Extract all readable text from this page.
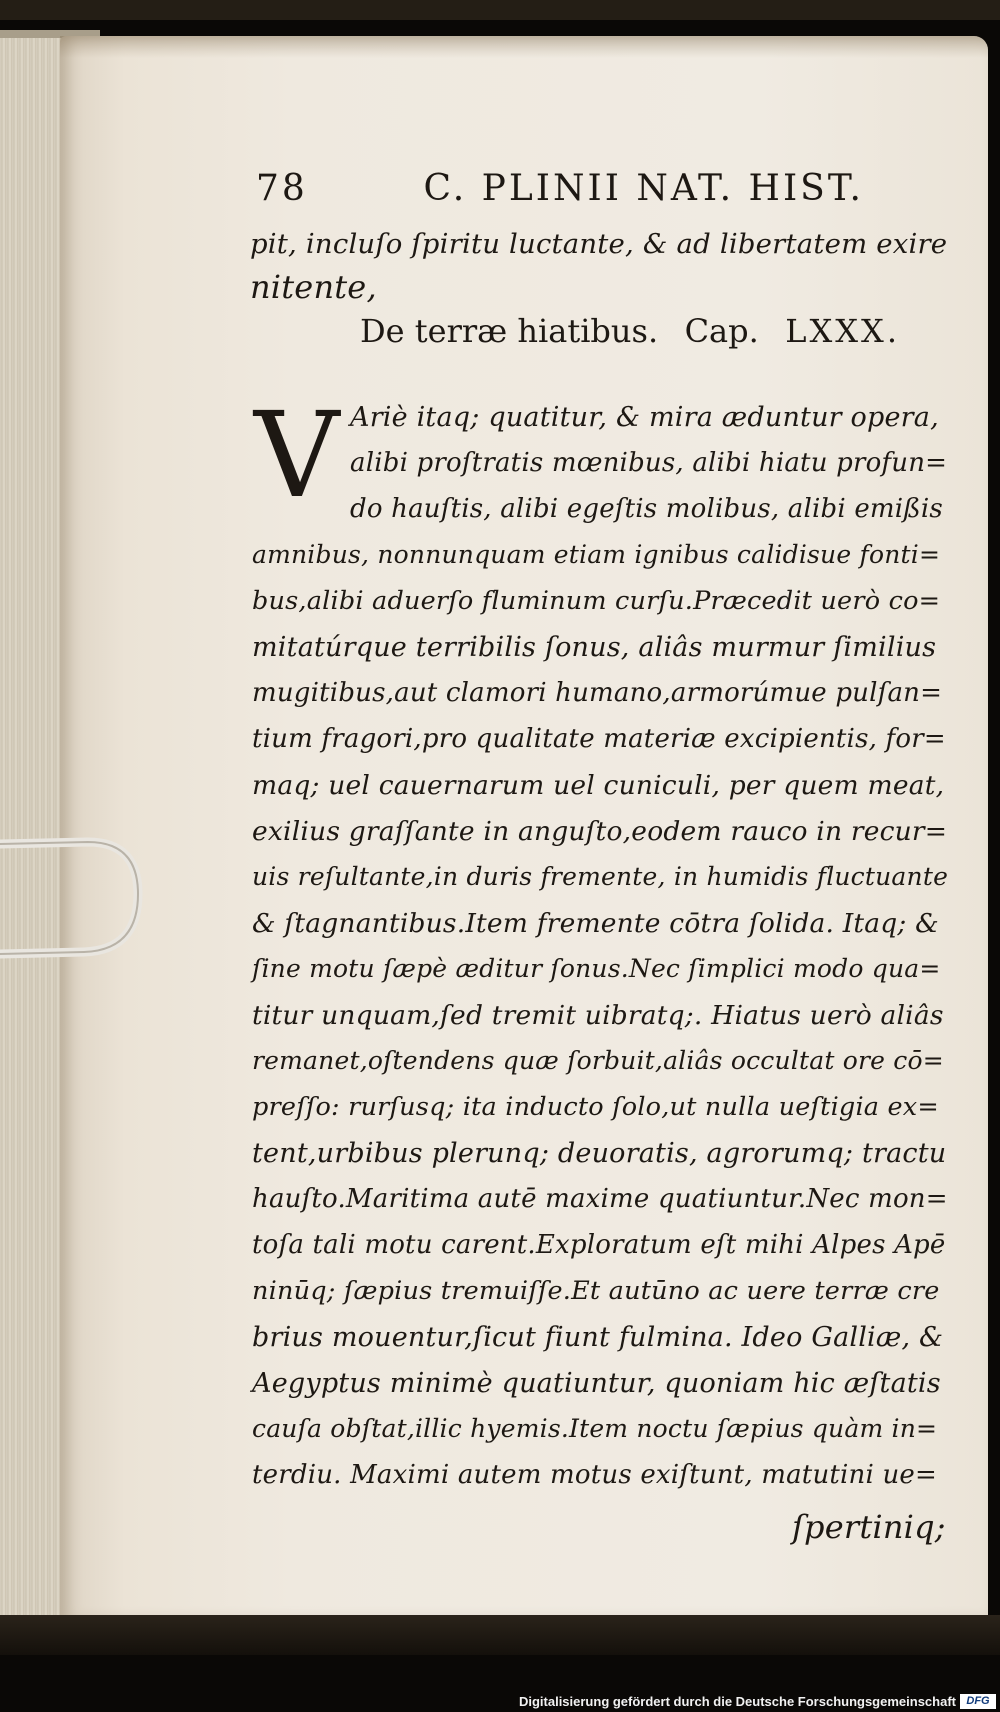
78	C. PLINII NAT. HIST.
pit, incluſo ſpiritu luctante, & ad libertatem exire
nitente,
De terræ hiatibus. Cap. LXXX.
V Ariè itaq; quatitur, & mira æduntur opera,
alibi proſtratis mœnibus, alibi hiatu profun=
do hauſtis, alibi egeſtis molibus, alibi emißis
amnibus, nonnunquam etiam ignibus calidisue fonti=
bus,alibi aduerſo fluminum curſu.Præcedit uerò co=
mitatúrque terribilis ſonus, aliâs murmur ſimilius
mugitibus,aut clamori humano,armorúmue pulſan=
tium fragori,pro qualitate materiæ excipientis, for=
maq; uel cauernarum uel cuniculi, per quem meat,
exilius graſſante in anguſto,eodem rauco in recur=
uis reſultante,in duris fremente, in humidis fluctuante
& ſtagnantibus.Item fremente cōtra ſolida. Itaq; &
ſine motu ſæpè æditur ſonus.Nec ſimplici modo qua=
titur unquam,ſed tremit uibratq;. Hiatus uerò aliâs
remanet,oſtendens quæ ſorbuit,aliâs occultat ore cō=
preſſo: rurſusq; ita inducto ſolo,ut nulla ueſtigia ex=
tent,urbibus plerunq; deuoratis, agrorumq; tractu
hauſto.Maritima autē maxime quatiuntur.Nec mon=
toſa tali motu carent.Exploratum eſt mihi Alpes Apē
ninūq; ſæpius tremuiſſe.Et autūno ac uere terræ cre
brius mouentur,ſicut fiunt fulmina. Ideo Galliæ, &
Aegyptus minimè quatiuntur, quoniam hic æſtatis
cauſa obſtat,illic hyemis.Item noctu ſæpius quàm in=
terdiu. Maximi autem motus exiſtunt, matutini ue=
ſpertiniq;
Digitalisierung gefördert durch die Deutsche Forschungsgemeinschaft DFG
